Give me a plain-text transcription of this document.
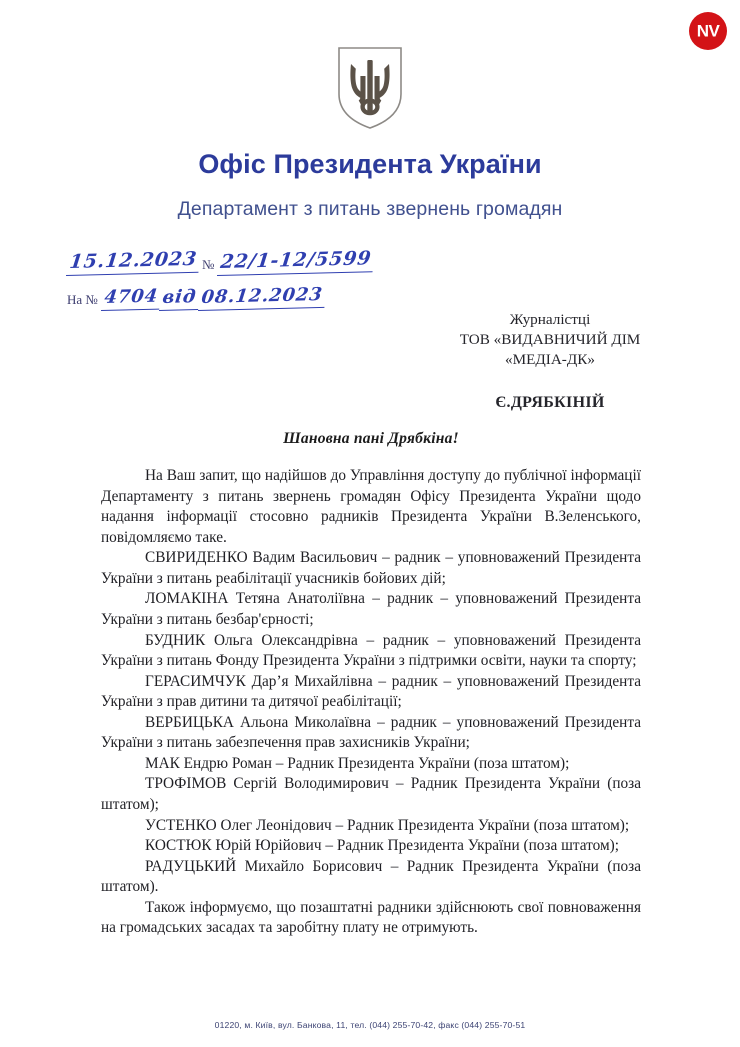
NV
Офіс Президента України
Департамент з питань звернень громадян
15.12.2023 № 22/1-12/5599
На № 4704 від 08.12.2023
Журналістці
ТОВ «ВИДАВНИЧИЙ ДІМ
«МЕДІА-ДК»
Є.ДРЯБКІНІЙ
Шановна пані Дрябкіна!

На Ваш запит, що надійшов до Управління доступу до публічної інформації Департаменту з питань звернень громадян Офісу Президента України щодо надання інформації стосовно радників Президента України В.Зеленського, повідомляємо таке.

СВИРИДЕНКО Вадим Васильович – радник – уповноважений Президента України з питань реабілітації учасників бойових дій;

ЛОМАКІНА Тетяна Анатоліївна – радник – уповноважений Президента України з питань безбар'єрності;

БУДНИК Ольга Олександрівна – радник – уповноважений Президента України з питань Фонду Президента України з підтримки освіти, науки та спорту;

ГЕРАСИМЧУК Дар’я Михайлівна – радник – уповноважений Президента України з прав дитини та дитячої реабілітації;

ВЕРБИЦЬКА Альона Миколаївна – радник – уповноважений Президента України з питань забезпечення прав захисників України;

МАК Ендрю Роман – Радник Президента України (поза штатом);

ТРОФІМОВ Сергій Володимирович – Радник Президента України (поза штатом);

УСТЕНКО Олег Леонідович – Радник Президента України (поза штатом);

КОСТЮК Юрій Юрійович – Радник Президента України (поза штатом);

РАДУЦЬКИЙ Михайло Борисович – Радник Президента України (поза штатом).

Також інформуємо, що позаштатні радники здійснюють свої повноваження на громадських засадах та заробітну плату не отримують.

01220, м. Київ, вул. Банкова, 11, тел. (044) 255-70-42, факс (044) 255-70-51
